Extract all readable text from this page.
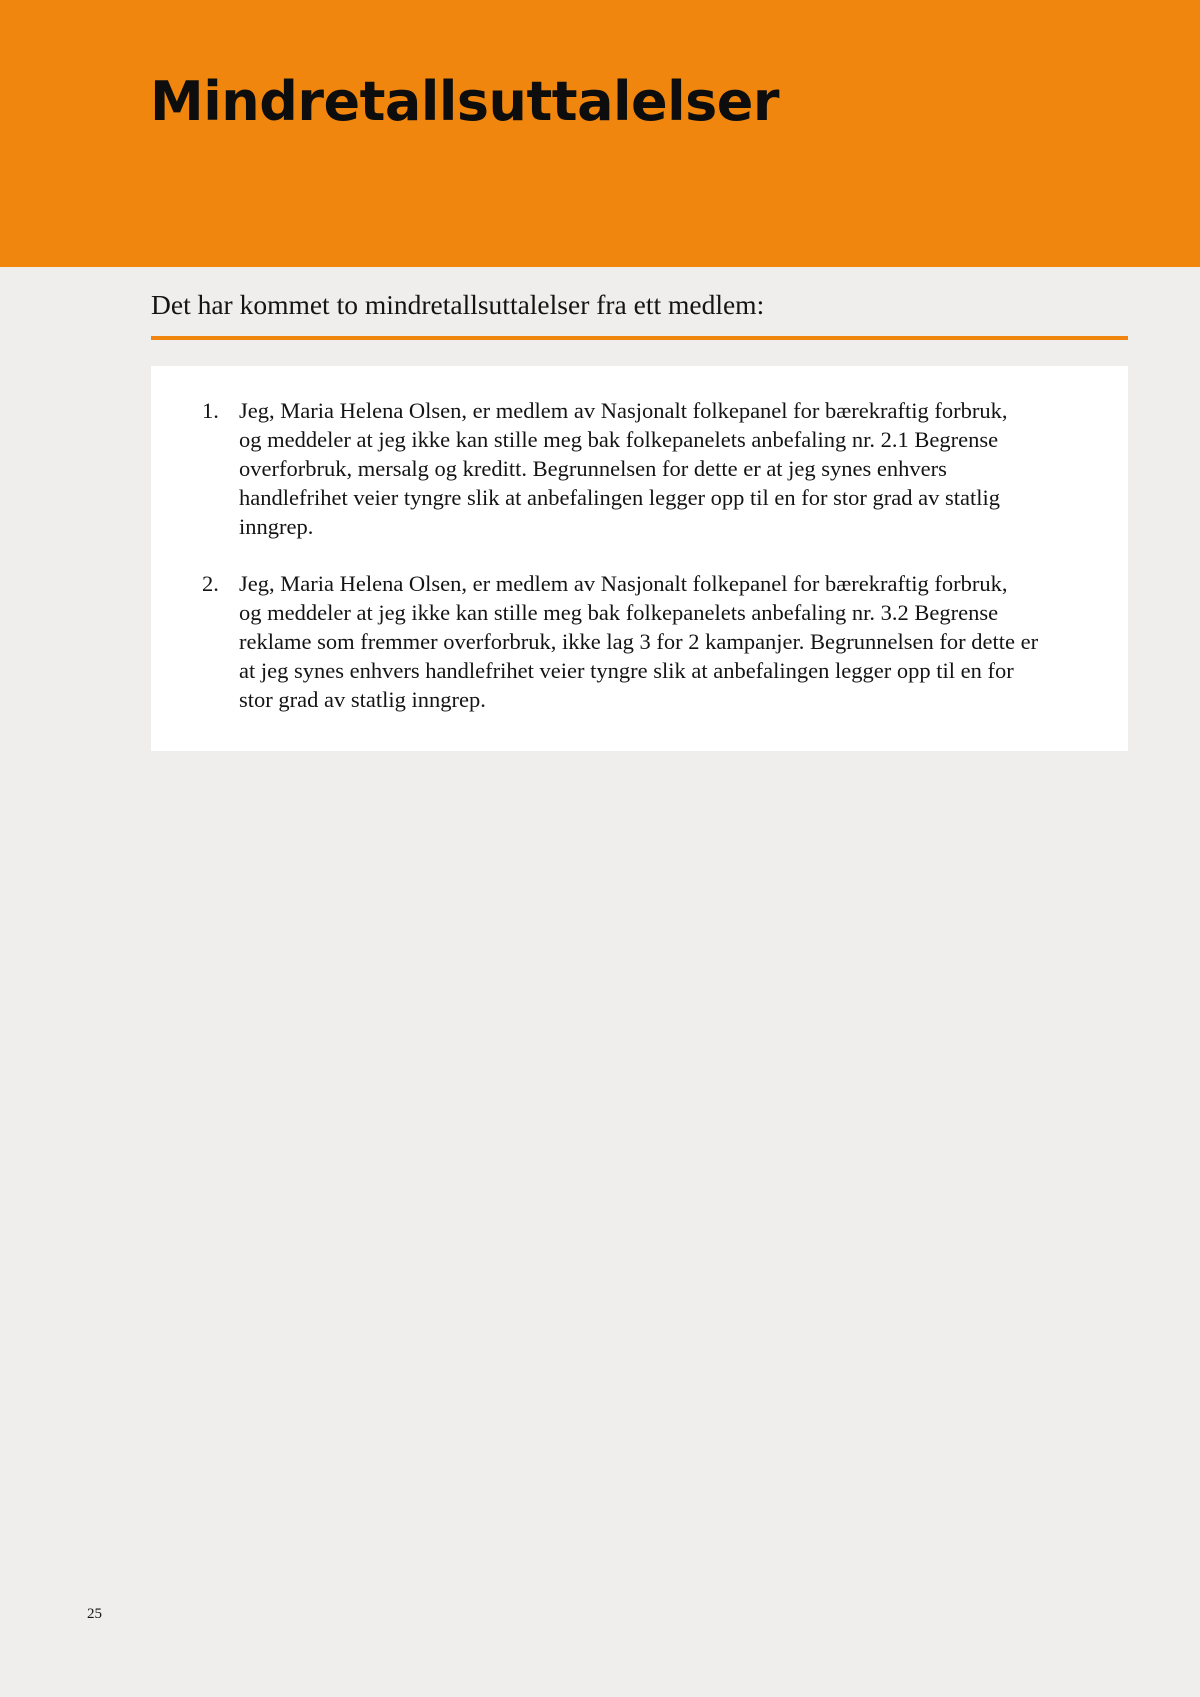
Mindretallsuttalelser

Det har kommet to mindretallsuttalelser fra ett medlem:

1. Jeg, Maria Helena Olsen, er medlem av Nasjonalt folkepanel for bærekraftig forbruk,
og meddeler at jeg ikke kan stille meg bak folkepanelets anbefaling nr. 2.1 Begrense
overforbruk, mersalg og kreditt. Begrunnelsen for dette er at jeg synes enhvers
handlefrihet veier tyngre slik at anbefalingen legger opp til en for stor grad av statlig
inngrep.

2. Jeg, Maria Helena Olsen, er medlem av Nasjonalt folkepanel for bærekraftig forbruk,
og meddeler at jeg ikke kan stille meg bak folkepanelets anbefaling nr. 3.2 Begrense
reklame som fremmer overforbruk, ikke lag 3 for 2 kampanjer. Begrunnelsen for dette er
at jeg synes enhvers handlefrihet veier tyngre slik at anbefalingen legger opp til en for
stor grad av statlig inngrep.

25
